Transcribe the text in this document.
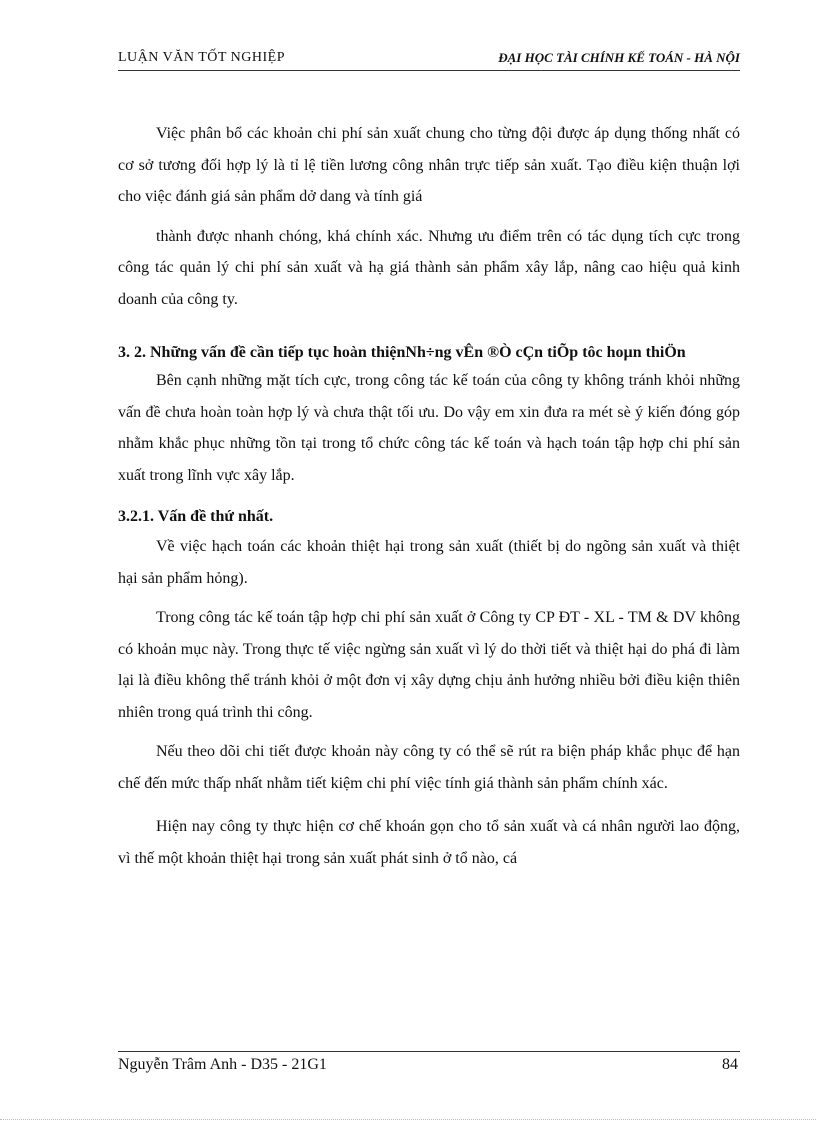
LUẬN VĂN TỐT NGHIỆP	ĐẠI HỌC TÀI CHÍNH KẾ TOÁN - HÀ NỘI

Việc phân bổ các khoản chi phí sản xuất chung cho từng đội được áp dụng thống nhất có cơ sở tương đối hợp lý là tỉ lệ tiền lương công nhân trực tiếp sản xuất. Tạo điều kiện thuận lợi cho việc đánh giá sản phẩm dở dang và tính giá

thành được nhanh chóng, khá chính xác. Nhưng ưu điểm trên có tác dụng tích cực trong công tác quản lý chi phí sản xuất và hạ giá thành sản phẩm xây lắp, nâng cao hiệu quả kinh doanh của công ty.

3. 2. Những vấn đề cần tiếp tục hoàn thiệnNh÷ng vÊn ®Ò cÇn tiÕp tôc hoµn thiÖn

Bên cạnh những mặt tích cực, trong công tác kế toán của công ty không tránh khỏi những vấn đề chưa hoàn toàn hợp lý và chưa thật tối ưu. Do vậy em xin đưa ra mét sè ý kiến đóng góp nhằm khắc phục những tồn tại trong tổ chức công tác kế toán và hạch toán tập hợp chi phí sản xuất trong lĩnh vực xây lắp.

3.2.1. Vấn đề thứ nhất.

Về việc hạch toán các khoản thiệt hại trong sản xuất (thiết bị do ngõng sản xuất và thiệt hại sản phẩm hỏng).

Trong công tác kế toán tập hợp chi phí sản xuất ở Công ty CP ĐT - XL - TM & DV không có khoản mục này. Trong thực tế việc ngừng sản xuất vì lý do thời tiết và thiệt hại do phá đi làm lại là điều không thể tránh khỏi ở một đơn vị xây dựng chịu ảnh hưởng nhiều bởi điều kiện thiên nhiên trong quá trình thi công.

Nếu theo dõi chi tiết được khoản này công ty có thể sẽ rút ra biện pháp khắc phục để hạn chế đến mức thấp nhất nhằm tiết kiệm chi phí việc tính giá thành sản phẩm chính xác.

Hiện nay công ty thực hiện cơ chế khoán gọn cho tổ sản xuất và cá nhân người lao động, vì thế một khoản thiệt hại trong sản xuất phát sinh ở tổ nào, cá

Nguyễn Trâm Anh - D35 - 21G1	84
